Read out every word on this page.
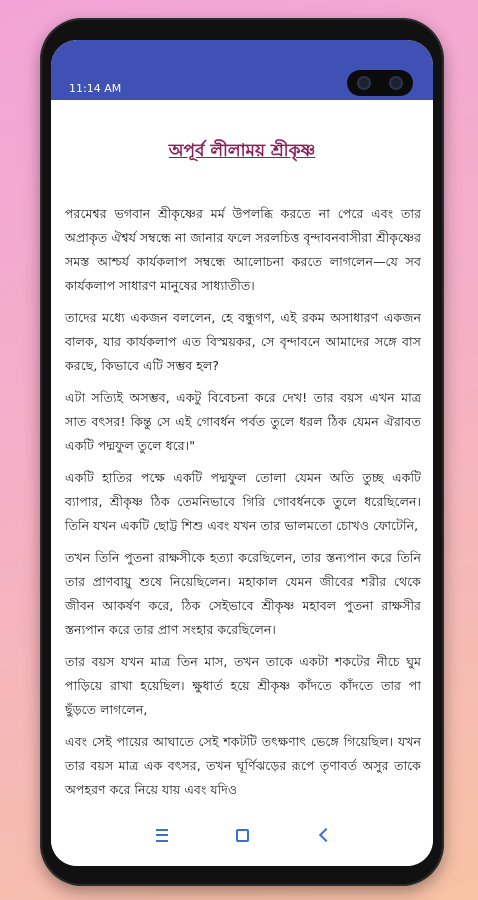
11:14 AM
অপূর্ব লীলাময় শ্রীকৃষ্ণ

পরমেশ্বর ভগবান শ্রীকৃষ্ণের মর্ম উপলব্ধি করতে না পেরে এবং তার অপ্রাকৃত ঐশ্বর্য সম্বন্ধে না জানার ফলে সরলচিত্ত বৃন্দাবনবাসীরা শ্রীকৃষ্ণের সমস্ত আশ্চর্য কার্যকলাপ সম্বন্ধে আলোচনা করতে লাগলেন—যে সব কার্যকলাপ সাধারণ মানুষের সাধ্যাতীত।

তাদের মধ্যে একজন বললেন, হে বন্ধুগণ, এই রকম অসাধারণ একজন বালক, যার কার্যকলাপ এত বিস্ময়কর, সে বৃন্দাবনে আমাদের সঙ্গে বাস করছে, কিভাবে এটি সম্ভব হল?

এটা সত্যিই অসম্ভব, একটু বিবেচনা করে দেখ! তার বয়স এখন মাত্র সাত বৎসর! কিন্তু সে এই গোবর্ধন পর্বত তুলে ধরল ঠিক যেমন ঐরাবত একটি পদ্মফুল তুলে ধরে।"

একটি হাতির পক্ষে একটি পদ্মফুল তোলা যেমন অতি তুচ্ছ একটি ব্যাপার, শ্রীকৃষ্ণ ঠিক তেমনিভাবে গিরি গোবর্ধনকে তুলে ধরেছিলেন। তিনি যখন একটি ছোট্ট শিশু এবং যখন তার ভালমতো চোখও ফোটেনি,

তখন তিনি পুতনা রাক্ষসীকে হত্যা করেছিলেন, তার স্তন্যপান করে তিনি তার প্রাণবায়ু শুষে নিয়েছিলেন। মহাকাল যেমন জীবের শরীর থেকে জীবন আকর্ষণ করে, ঠিক সেইভাবে শ্রীকৃষ্ণ মহাবল পুতনা রাক্ষসীর স্তন্যপান করে তার প্রাণ সংহার করেছিলেন।

তার বয়স যখন মাত্র তিন মাস, তখন তাকে একটা শকটের নীচে ঘুম পাড়িয়ে রাখা হয়েছিল। ক্ষুধার্ত হয়ে শ্রীকৃষ্ণ কাঁদতে কাঁদতে তার পা ছুঁড়তে লাগলেন,

এবং সেই পায়ের আঘাতে সেই শকটটি তৎক্ষণাৎ ভেঙ্গে গিয়েছিল। যখন তার বয়স মাত্র এক বৎসর, তখন ঘূর্ণিঝড়ের রূপে তৃণাবর্ত অসুর তাকে অপহরণ করে নিয়ে যায় এবং যদিও
